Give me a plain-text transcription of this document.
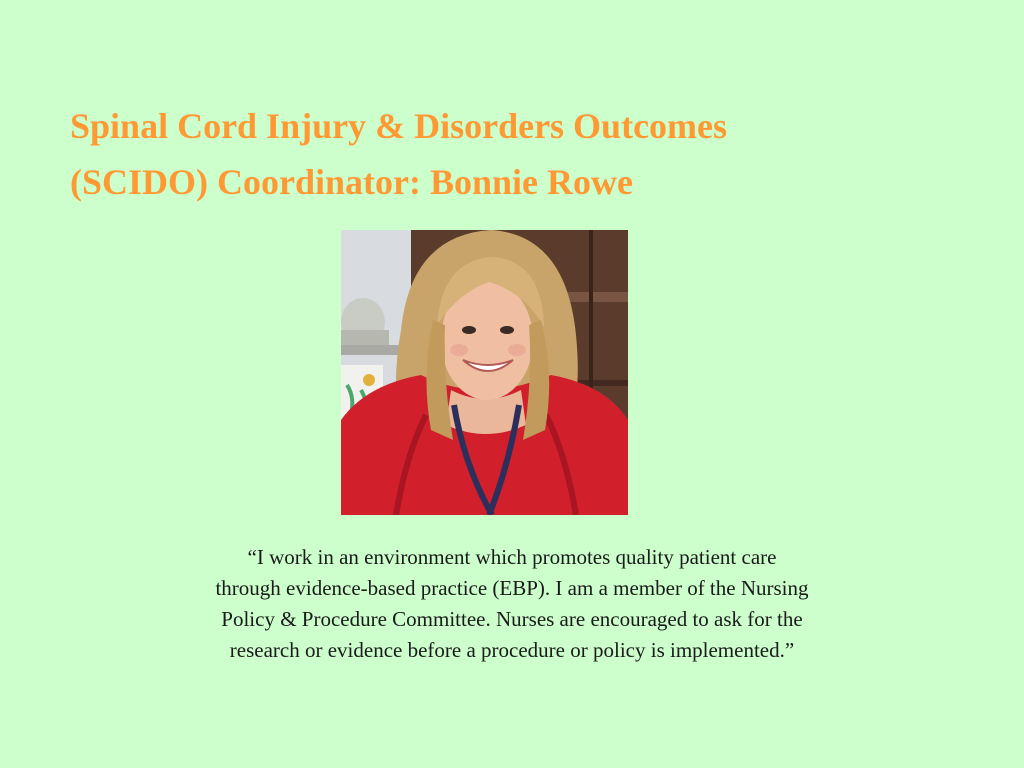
Spinal Cord Injury & Disorders Outcomes
(SCIDO) Coordinator: Bonnie Rowe

“I work in an environment which promotes quality patient care
through evidence-based practice (EBP). I am a member of the Nursing
Policy & Procedure Committee. Nurses are encouraged to ask for the
research or evidence before a procedure or policy is implemented.”
